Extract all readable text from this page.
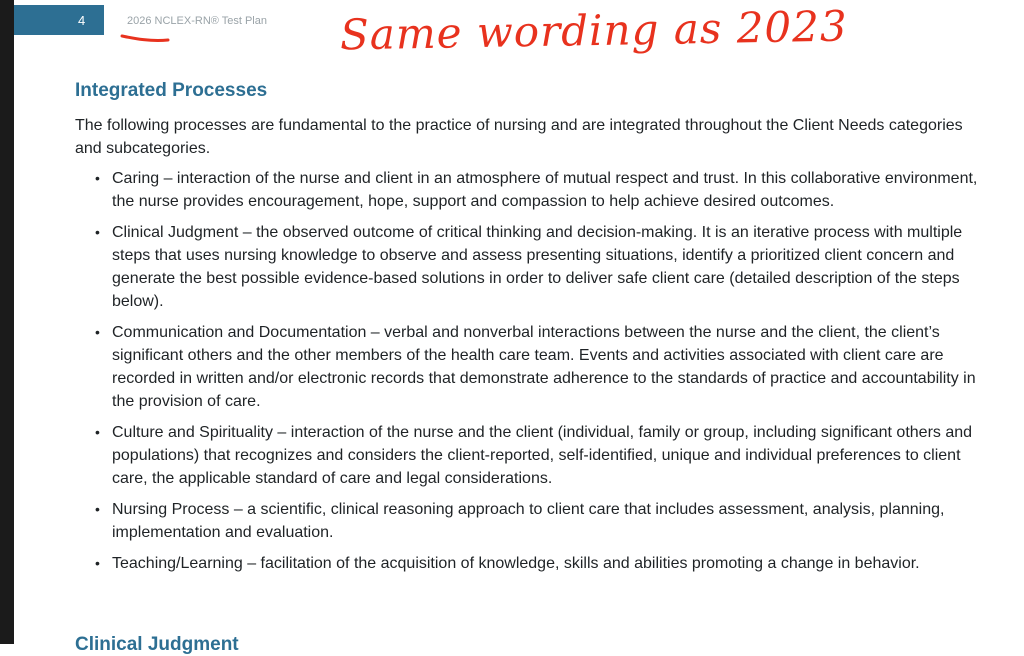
4	2026 NCLEX-RN® Test Plan Same wording as 2023
Integrated Processes

The following processes are fundamental to the practice of nursing and are integrated throughout the Client Needs categories and subcategories.

• Caring – interaction of the nurse and client in an atmosphere of mutual respect and trust. In this collaborative environment, the nurse provides encouragement, hope, support and compassion to help achieve desired outcomes.
• Clinical Judgment – the observed outcome of critical thinking and decision-making. It is an iterative process with multiple steps that uses nursing knowledge to observe and assess presenting situations, identify a prioritized client concern and generate the best possible evidence-based solutions in order to deliver safe client care (detailed description of the steps below).
• Communication and Documentation – verbal and nonverbal interactions between the nurse and the client, the client’s significant others and the other members of the health care team. Events and activities associated with client care are recorded in written and/or electronic records that demonstrate adherence to the standards of practice and accountability in the provision of care.
• Culture and Spirituality – interaction of the nurse and the client (individual, family or group, including significant others and populations) that recognizes and considers the client-reported, self-identified, unique and individual preferences to client care, the applicable standard of care and legal considerations.
• Nursing Process – a scientific, clinical reasoning approach to client care that includes assessment, analysis, planning, implementation and evaluation.
• Teaching/Learning – facilitation of the acquisition of knowledge, skills and abilities promoting a change in behavior.
Clinical Judgment
